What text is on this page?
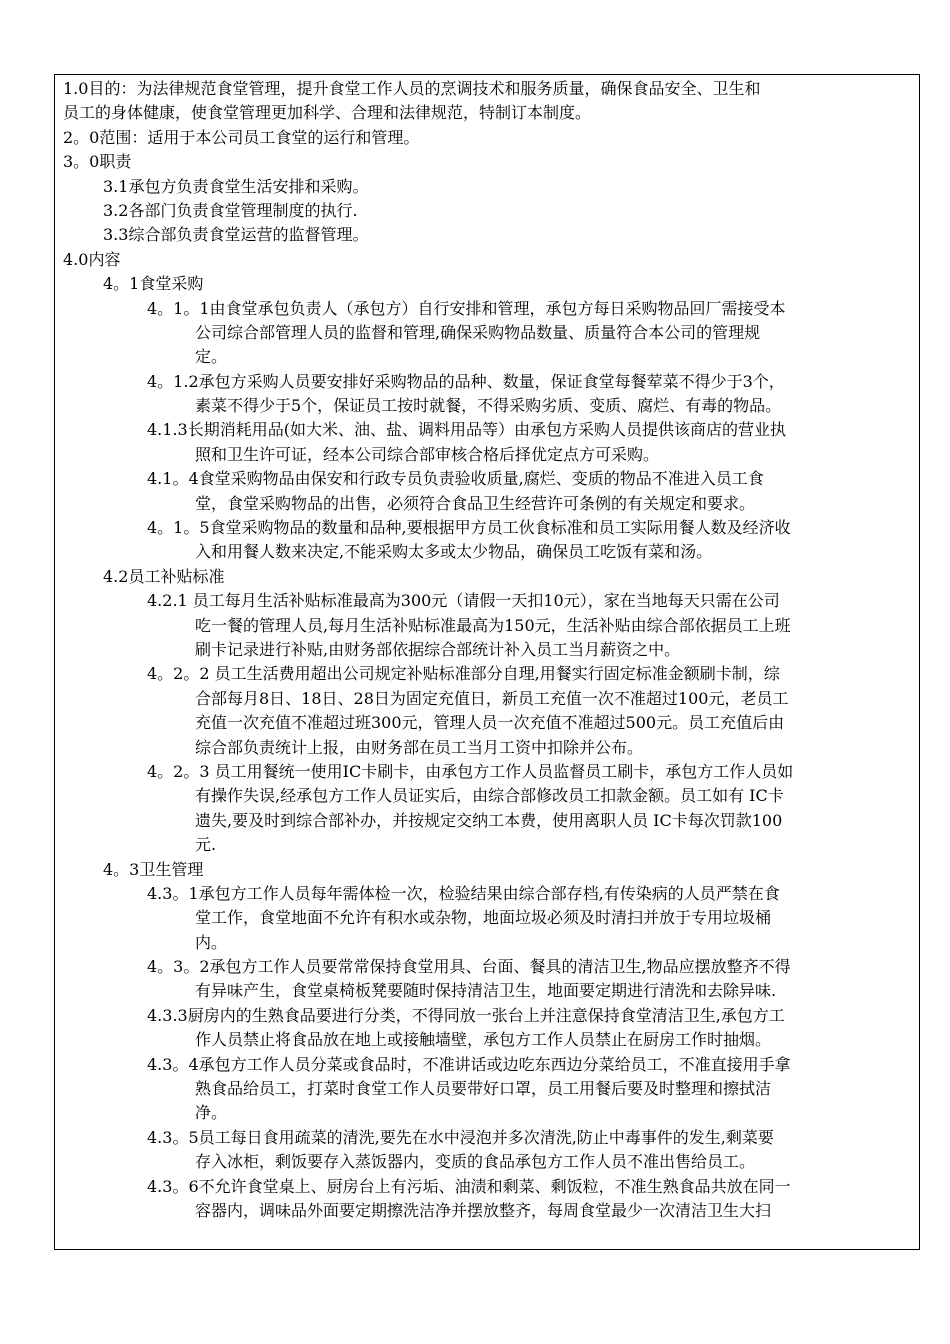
1.0目的：为法律规范食堂管理，提升食堂工作人员的烹调技术和服务质量，确保食品安全、卫生和
员工的身体健康，使食堂管理更加科学、合理和法律规范，特制订本制度。
2。0范围：适用于本公司员工食堂的运行和管理。
3。0职责
3.1承包方负责食堂生活安排和采购。
3.2各部门负责食堂管理制度的执行.
3.3综合部负责食堂运营的监督管理。
4.0内容
4。1食堂采购
4。1。1由食堂承包负责人（承包方）自行安排和管理，承包方每日采购物品回厂需接受本
公司综合部管理人员的监督和管理,确保采购物品数量、质量符合本公司的管理规
定。
4。1.2承包方采购人员要安排好采购物品的品种、数量，保证食堂每餐荤菜不得少于3个，
素菜不得少于5个，保证员工按时就餐，不得采购劣质、变质、腐烂、有毒的物品。
4.1.3长期消耗用品(如大米、油、盐、调料用品等）由承包方采购人员提供该商店的营业执
照和卫生许可证，经本公司综合部审核合格后择优定点方可采购。
4.1。4食堂采购物品由保安和行政专员负责验收质量,腐烂、变质的物品不准进入员工食
堂，食堂采购物品的出售，必须符合食品卫生经营许可条例的有关规定和要求。
4。1。5食堂采购物品的数量和品种,要根据甲方员工伙食标准和员工实际用餐人数及经济收
入和用餐人数来决定,不能采购太多或太少物品，确保员工吃饭有菜和汤。
4.2员工补贴标准
4.2.1 员工每月生活补贴标准最高为300元（请假一天扣10元），家在当地每天只需在公司
吃一餐的管理人员,每月生活补贴标准最高为150元，生活补贴由综合部依据员工上班
刷卡记录进行补贴,由财务部依据综合部统计补入员工当月薪资之中。
4。2。2 员工生活费用超出公司规定补贴标准部分自理,用餐实行固定标准金额刷卡制，综
合部每月8日、18日、28日为固定充值日，新员工充值一次不准超过100元，老员工
充值一次充值不准超过班300元，管理人员一次充值不准超过500元。员工充值后由
综合部负责统计上报，由财务部在员工当月工资中扣除并公布。
4。2。3 员工用餐统一使用IC卡刷卡，由承包方工作人员监督员工刷卡，承包方工作人员如
有操作失误,经承包方工作人员证实后，由综合部修改员工扣款金额。员工如有 IC卡
遗失,要及时到综合部补办，并按规定交纳工本费，使用离职人员 IC卡每次罚款100
元.
4。3卫生管理
4.3。1承包方工作人员每年需体检一次，检验结果由综合部存档,有传染病的人员严禁在食
堂工作，食堂地面不允许有积水或杂物，地面垃圾必须及时清扫并放于专用垃圾桶
内。
4。3。2承包方工作人员要常常保持食堂用具、台面、餐具的清洁卫生,物品应摆放整齐不得
有异味产生，食堂桌椅板凳要随时保持清洁卫生，地面要定期进行清洗和去除异味.
4.3.3厨房内的生熟食品要进行分类，不得同放一张台上并注意保持食堂清洁卫生,承包方工
作人员禁止将食品放在地上或接触墙壁，承包方工作人员禁止在厨房工作时抽烟。
4.3。4承包方工作人员分菜或食品时，不准讲话或边吃东西边分菜给员工，不准直接用手拿
熟食品给员工，打菜时食堂工作人员要带好口罩，员工用餐后要及时整理和擦拭洁
净。
4.3。5员工每日食用疏菜的清洗,要先在水中浸泡并多次清洗,防止中毒事件的发生,剩菜要
存入冰柜，剩饭要存入蒸饭器内，变质的食品承包方工作人员不准出售给员工。
4.3。6不允许食堂桌上、厨房台上有污垢、油渍和剩菜、剩饭粒，不准生熟食品共放在同一
容器内，调味品外面要定期擦洗洁净并摆放整齐，每周食堂最少一次清洁卫生大扫
